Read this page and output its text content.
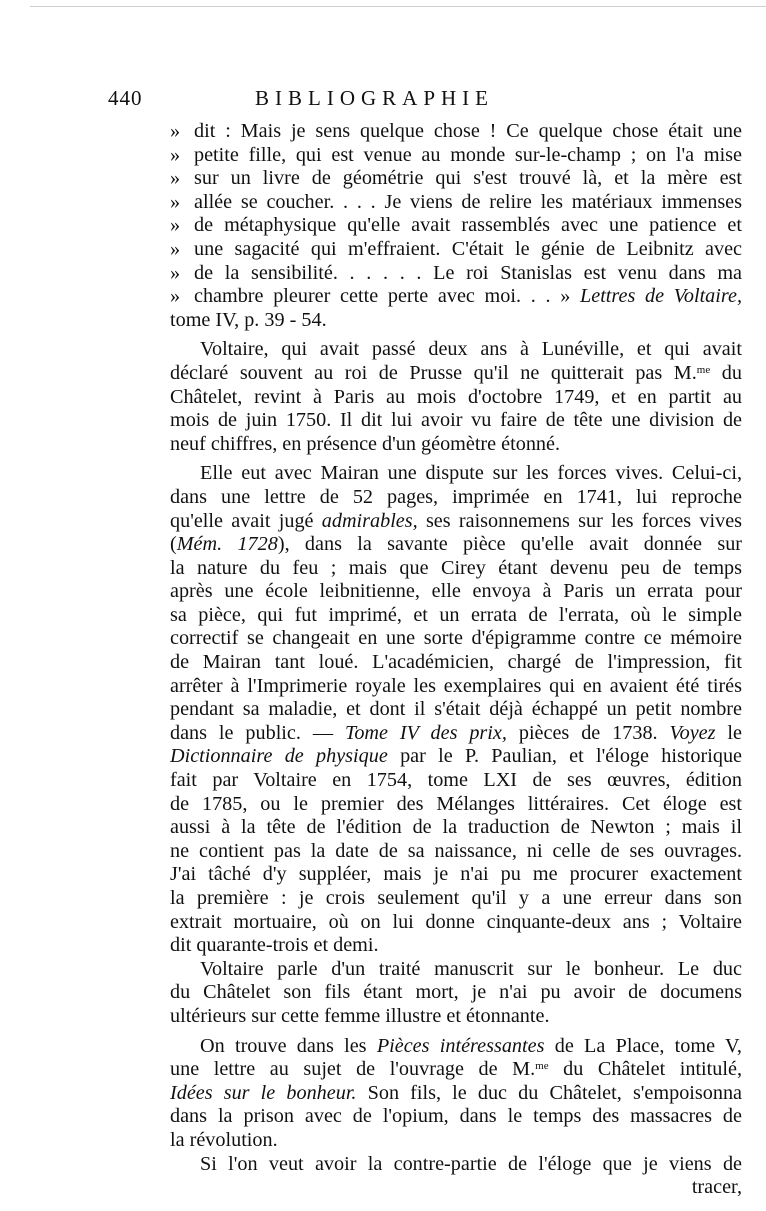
440	BIBLIOGRAPHIE
» dit : Mais je sens quelque chose ! Ce quelque chose était une
» petite fille, qui est venue au monde sur-le-champ ; on l'a mise
» sur un livre de géométrie qui s'est trouvé là, et la mère est
» allée se coucher. . . . Je viens de relire les matériaux immenses
» de métaphysique qu'elle avait rassemblés avec une patience et
» une sagacité qui m'effraient. C'était le génie de Leibnitz avec
» de la sensibilité. . . . . . Le roi Stanislas est venu dans ma
» chambre pleurer cette perte avec moi. . . » Lettres de Voltaire,
tome IV, p. 39 - 54.
Voltaire, qui avait passé deux ans à Lunéville, et qui avait
déclaré souvent au roi de Prusse qu'il ne quitterait pas M.$^{me}$ du
Châtelet, revint à Paris au mois d'octobre 1749, et en partit au
mois de juin 1750. Il dit lui avoir vu faire de tête une division de
neuf chiffres, en présence d'un géomètre étonné.
Elle eut avec Mairan une dispute sur les forces vives. Celui-ci,
dans une lettre de 52 pages, imprimée en 1741, lui reproche
qu'elle avait jugé admirables, ses raisonnemens sur les forces vives
(Mém. 1728), dans la savante pièce qu'elle avait donnée sur
la nature du feu ; mais que Cirey étant devenu peu de temps
après une école leibnitienne, elle envoya à Paris un errata pour
sa pièce, qui fut imprimé, et un errata de l'errata, où le simple
correctif se changeait en une sorte d'épigramme contre ce mémoire
de Mairan tant loué. L'académicien, chargé de l'impression, fit
arrêter à l'Imprimerie royale les exemplaires qui en avaient été tirés
pendant sa maladie, et dont il s'était déjà échappé un petit nombre
dans le public. — Tome IV des prix, pièces de 1738. Voyez le
Dictionnaire de physique par le P. Paulian, et l'éloge historique
fait par Voltaire en 1754, tome LXI de ses œuvres, édition
de 1785, ou le premier des Mélanges littéraires. Cet éloge est
aussi à la tête de l'édition de la traduction de Newton ; mais il
ne contient pas la date de sa naissance, ni celle de ses ouvrages.
J'ai tâché d'y suppléer, mais je n'ai pu me procurer exactement
la première : je crois seulement qu'il y a une erreur dans son
extrait mortuaire, où on lui donne cinquante-deux ans ; Voltaire
dit quarante-trois et demi.
Voltaire parle d'un traité manuscrit sur le bonheur. Le duc
du Châtelet son fils étant mort, je n'ai pu avoir de documens
ultérieurs sur cette femme illustre et étonnante.
On trouve dans les Pièces intéressantes de La Place, tome V,
une lettre au sujet de l'ouvrage de M.$^{me}$ du Châtelet intitulé,
Idées sur le bonheur. Son fils, le duc du Châtelet, s'empoisonna
dans la prison avec de l'opium, dans le temps des massacres de
la révolution.
Si l'on veut avoir la contre-partie de l'éloge que je viens de
tracer,
